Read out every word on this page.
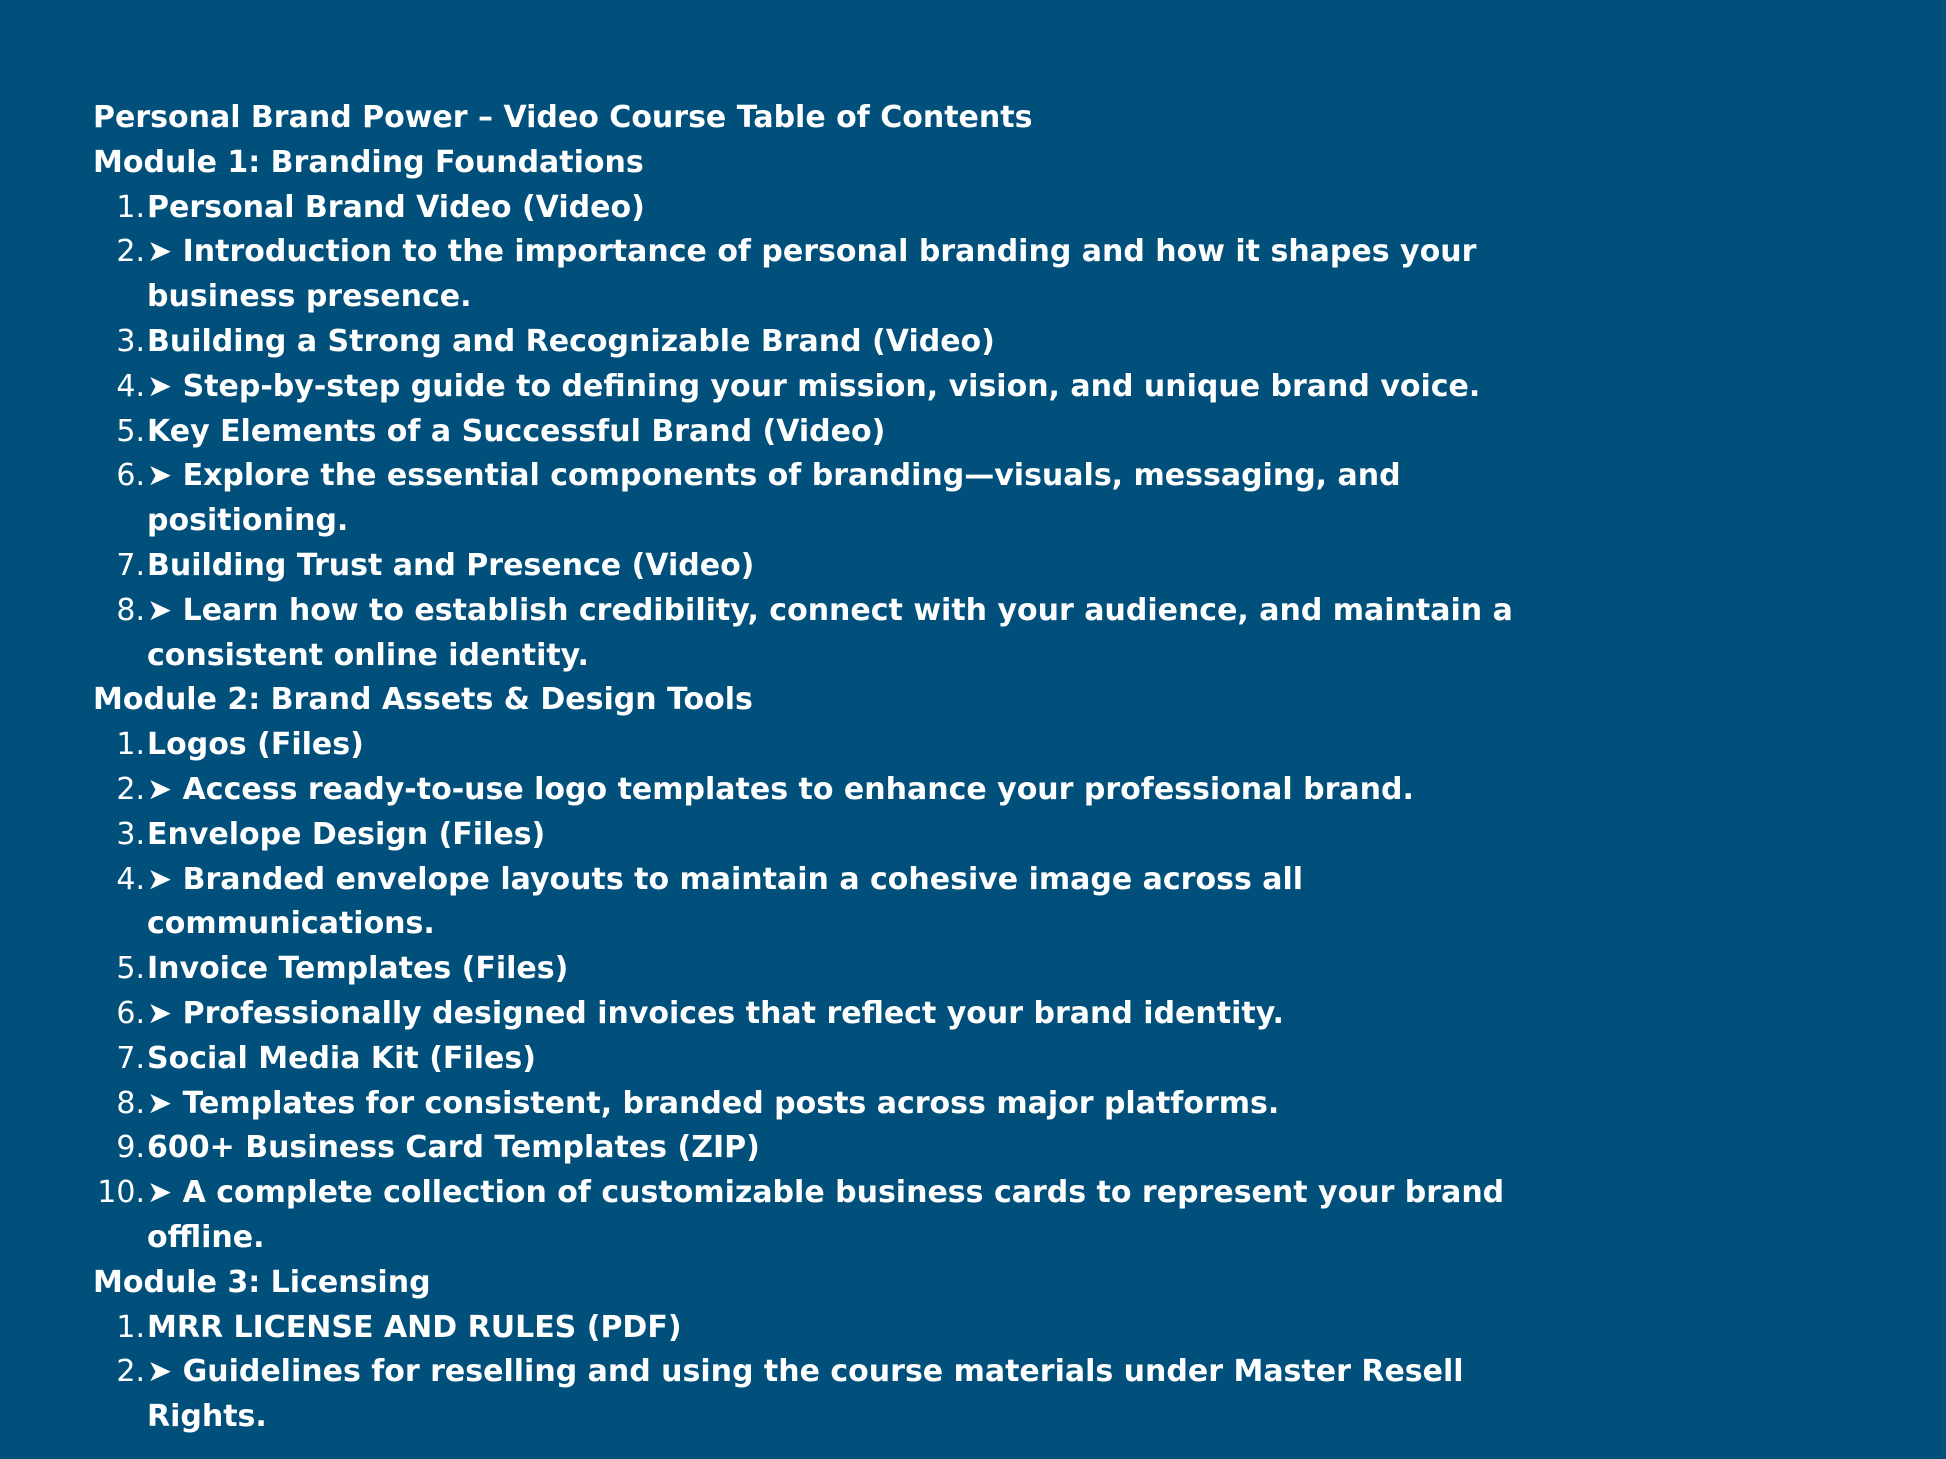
Personal Brand Power – Video Course Table of Contents
Module 1: Branding Foundations
1. Personal Brand Video (Video)
2. ➤ Introduction to the importance of personal branding and how it shapes your business presence.
3. Building a Strong and Recognizable Brand (Video)
4. ➤ Step-by-step guide to defining your mission, vision, and unique brand voice.
5. Key Elements of a Successful Brand (Video)
6. ➤ Explore the essential components of branding—visuals, messaging, and positioning.
7. Building Trust and Presence (Video)
8. ➤ Learn how to establish credibility, connect with your audience, and maintain a consistent online identity.
Module 2: Brand Assets & Design Tools
1. Logos (Files)
2. ➤ Access ready-to-use logo templates to enhance your professional brand.
3. Envelope Design (Files)
4. ➤ Branded envelope layouts to maintain a cohesive image across all communications.
5. Invoice Templates (Files)
6. ➤ Professionally designed invoices that reflect your brand identity.
7. Social Media Kit (Files)
8. ➤ Templates for consistent, branded posts across major platforms.
9. 600+ Business Card Templates (ZIP)
10. ➤ A complete collection of customizable business cards to represent your brand offline.
Module 3: Licensing
1. MRR LICENSE AND RULES (PDF)
2. ➤ Guidelines for reselling and using the course materials under Master Resell Rights.
